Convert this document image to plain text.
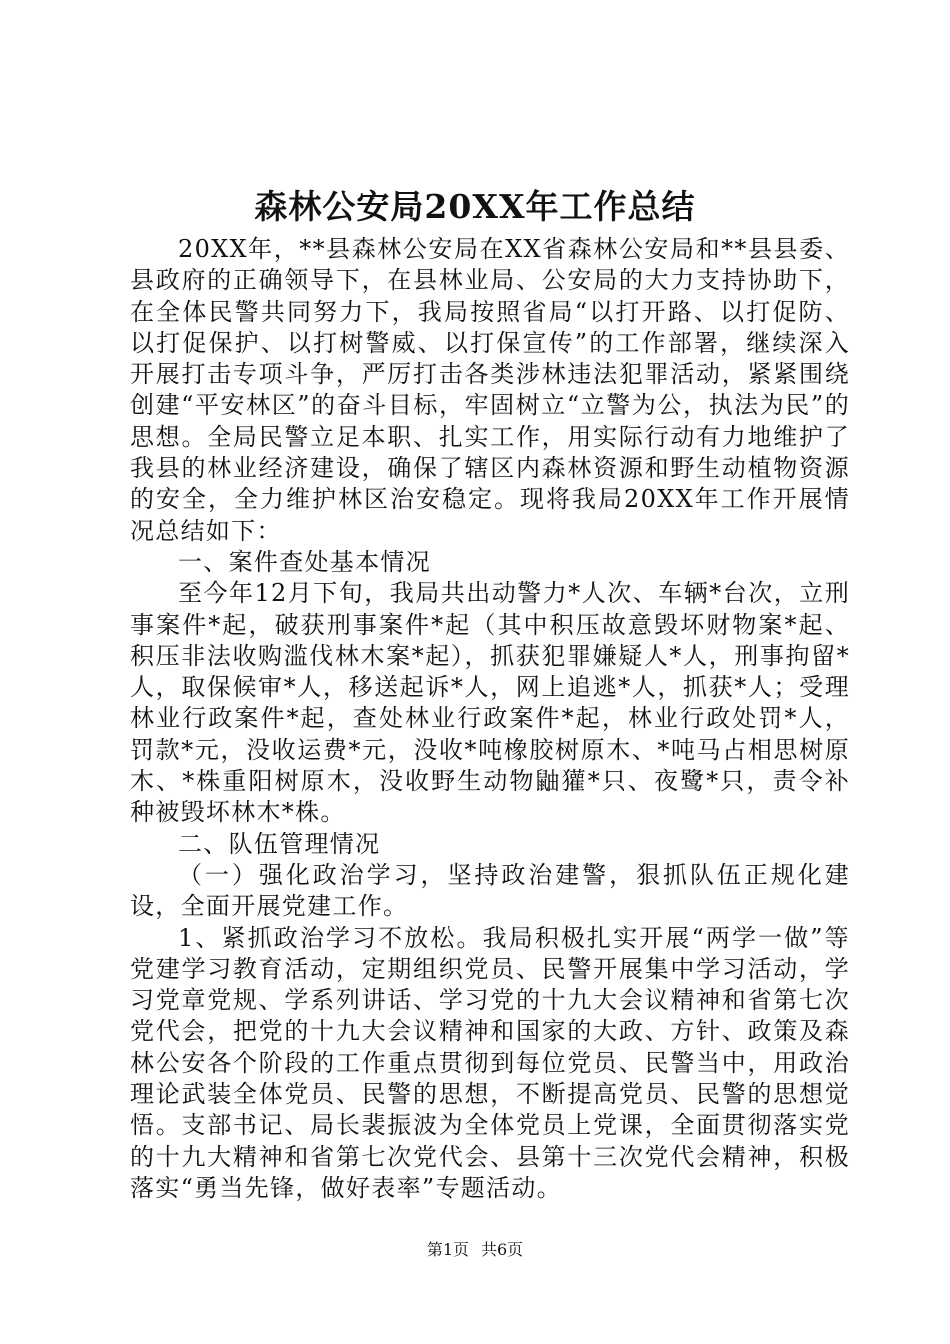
森林公安局20XX年工作总结

20XX年，**县森林公安局在XX省森林公安局和**县县委、县政府的正确领导下，在县林业局、公安局的大力支持协助下，在全体民警共同努力下，我局按照省局“以打开路、以打促防、以打促保护、以打树警威、以打保宣传”的工作部署，继续深入开展打击专项斗争，严厉打击各类涉林违法犯罪活动，紧紧围绕创建“平安林区”的奋斗目标，牢固树立“立警为公，执法为民”的思想。全局民警立足本职、扎实工作，用实际行动有力地维护了我县的林业经济建设，确保了辖区内森林资源和野生动植物资源的安全，全力维护林区治安稳定。现将我局20XX年工作开展情况总结如下：

一、案件查处基本情况

至今年12月下旬，我局共出动警力*人次、车辆*台次，立刑事案件*起，破获刑事案件*起（其中积压故意毁坏财物案*起、积压非法收购滥伐林木案*起），抓获犯罪嫌疑人*人，刑事拘留*人，取保候审*人，移送起诉*人，网上追逃*人，抓获*人；受理林业行政案件*起，查处林业行政案件*起，林业行政处罚*人，罚款*元，没收运费*元，没收*吨橡胶树原木、*吨马占相思树原木、*株重阳树原木，没收野生动物鼬獾*只、夜鹭*只，责令补种被毁坏林木*株。

二、队伍管理情况

（一）强化政治学习，坚持政治建警，狠抓队伍正规化建设，全面开展党建工作。

1、紧抓政治学习不放松。我局积极扎实开展“两学一做”等党建学习教育活动，定期组织党员、民警开展集中学习活动，学习党章党规、学系列讲话、学习党的十九大会议精神和省第七次党代会，把党的十九大会议精神和国家的大政、方针、政策及森林公安各个阶段的工作重点贯彻到每位党员、民警当中，用政治理论武装全体党员、民警的思想，不断提高党员、民警的思想觉悟。支部书记、局长裴振波为全体党员上党课，全面贯彻落实党的十九大精神和省第七次党代会、县第十三次党代会精神，积极落实“勇当先锋，做好表率”专题活动。

第1页 共6页
